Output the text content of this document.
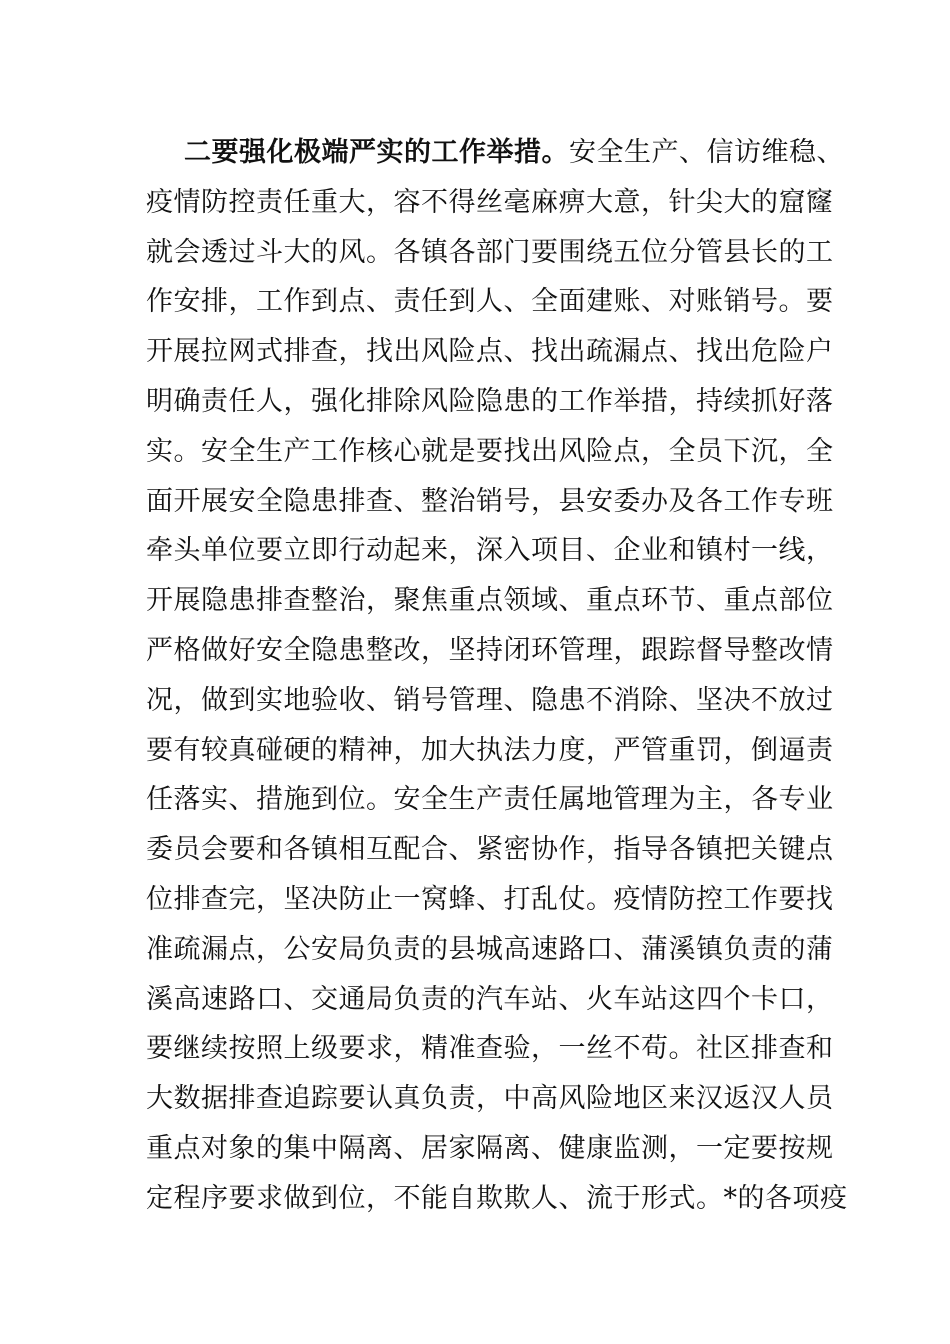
二要强化极端严实的工作举措。安全生产、信访维稳、
疫情防控责任重大，容不得丝毫麻痹大意，针尖大的窟窿
就会透过斗大的风。各镇各部门要围绕五位分管县长的工
作安排，工作到点、责任到人、全面建账、对账销号。要
开展拉网式排查，找出风险点、找出疏漏点、找出危险户
明确责任人，强化排除风险隐患的工作举措，持续抓好落
实。安全生产工作核心就是要找出风险点，全员下沉，全
面开展安全隐患排查、整治销号，县安委办及各工作专班
牵头单位要立即行动起来，深入项目、企业和镇村一线，
开展隐患排查整治，聚焦重点领域、重点环节、重点部位
严格做好安全隐患整改，坚持闭环管理，跟踪督导整改情
况，做到实地验收、销号管理、隐患不消除、坚决不放过
要有较真碰硬的精神，加大执法力度，严管重罚，倒逼责
任落实、措施到位。安全生产责任属地管理为主，各专业
委员会要和各镇相互配合、紧密协作，指导各镇把关键点
位排查完，坚决防止一窝蜂、打乱仗。疫情防控工作要找
准疏漏点，公安局负责的县城高速路口、蒲溪镇负责的蒲
溪高速路口、交通局负责的汽车站、火车站这四个卡口，
要继续按照上级要求，精准查验，一丝不苟。社区排查和
大数据排查追踪要认真负责，中高风险地区来汉返汉人员
重点对象的集中隔离、居家隔离、健康监测，一定要按规
定程序要求做到位，不能自欺欺人、流于形式。*的各项疫
